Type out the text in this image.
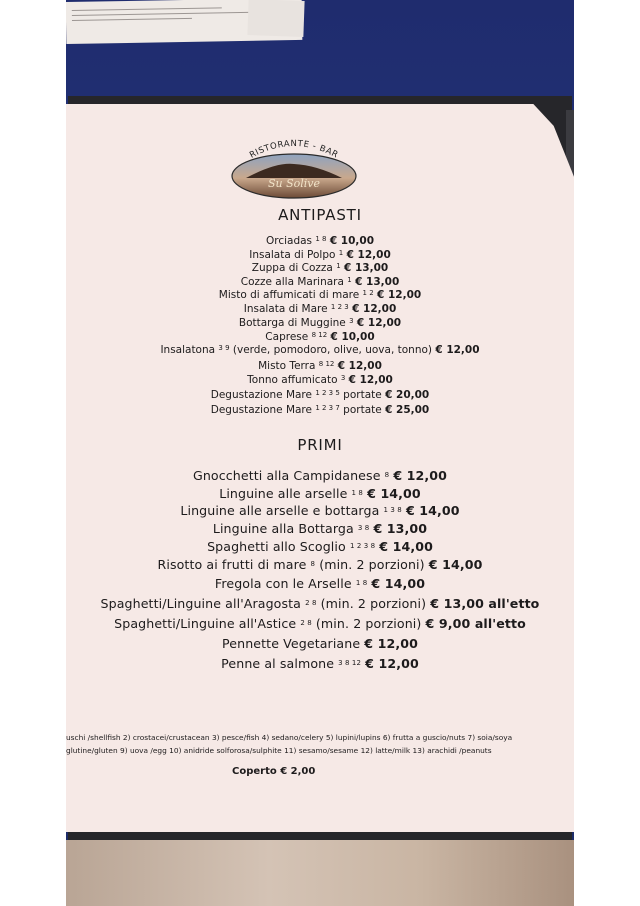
RISTORANTE - BAR
Su Solive
ANTIPASTI
Orciadas $^{1 8}$ € 10,00
Insalata di Polpo $^1$ € 12,00
Zuppa di Cozza $^1$ € 13,00
Cozze alla Marinara $^1$ € 13,00
Misto di affumicati di mare $^{1 2}$ € 12,00
Insalata di Mare $^{1 2 3}$ € 12,00
Bottarga di Muggine $^3$ € 12,00
Caprese $^{8 12}$ € 10,00
Insalatona $^{3 9}$ (verde, pomodoro, olive, uova, tonno) € 12,00
Misto Terra $^{8 12}$ € 12,00
Tonno affumicato $^3$ € 12,00
Degustazione Mare $^{1 2 3 5}$ portate € 20,00
Degustazione Mare $^{1 2 3 7}$ portate € 25,00
PRIMI
Gnocchetti alla Campidanese $^8$ € 12,00
Linguine alle arselle $^{1 8}$ € 14,00
Linguine alle arselle e bottarga $^{1 3 8}$ € 14,00
Linguine alla Bottarga $^{3 8}$ € 13,00
Spaghetti allo Scoglio $^{1 2 3 8}$ € 14,00
Risotto ai frutti di mare $^8$ (min. 2 porzioni) € 14,00
Fregola con le Arselle $^{1 8}$ € 14,00
Spaghetti/Linguine all'Aragosta $^{2 8}$ (min. 2 porzioni) € 13,00 all'etto
Spaghetti/Linguine all'Astice $^{2 8}$ (min. 2 porzioni) € 9,00 all'etto
Pennette Vegetariane € 12,00
Penne al salmone $^{3 8 12}$ € 12,00
uschi /shellfish 2) crostacei/crustacean 3) pesce/fish 4) sedano/celery 5) lupini/lupins 6) frutta a guscio/nuts 7) soia/soya
glutine/gluten 9) uova /egg 10) anidride solforosa/sulphite 11) sesamo/sesame 12) latte/milk 13) arachidi /peanuts
Coperto € 2,00
